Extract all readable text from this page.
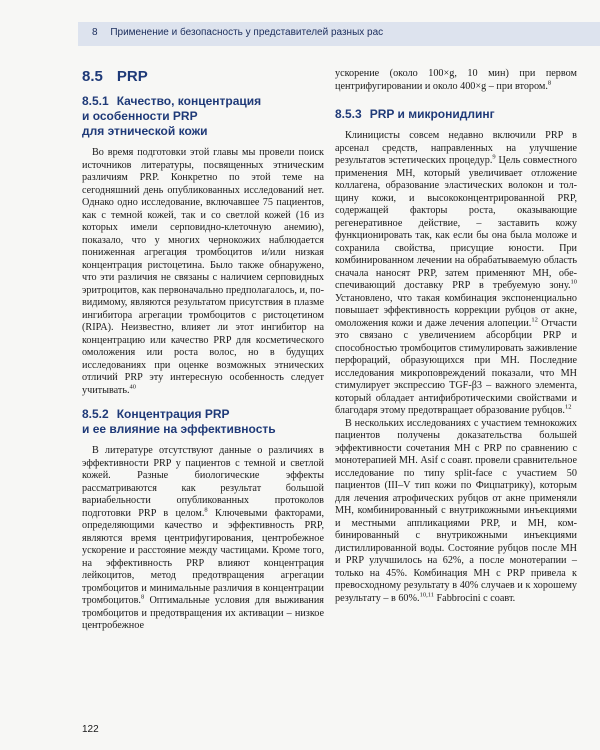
8 Применение и безопасность у представителей разных рас
8.5 PRP
8.5.1 Качество, концентрация
и особенности PRP
для этнической кожи

Во время подготовки этой главы мы провели поиск источников литературы, посвященных этническим различиям PRP. Конкретно по этой теме на сегодняшний день опубликованных исследований нет. Однако одно исследование, включавшее 75 пациентов, как с темной кожей, так и со светлой кожей (16 из которых имели серповидно-клеточную анемию), показало, что у многих чернокожих наблюдается пониженная агрегация тромбоцитов и/или низкая концентрация ристоцетина. Было также обнаружено, что эти различия не связаны с наличием серповидных эритроцитов, как первоначально предполагалось, и, по-видимому, являются результатом присутствия в плазме ингибитора агрегации тромбоцитов с ристоцетином (RIPA). Неизвестно, влияет ли этот ингибитор на концентрацию или качество PRP для косметического омоложения или роста волос, но в будущих исследованиях при оценке возможных этнических отличий PRP эту интересную особенность следует учитывать.$^{40}$

8.5.2 Концентрация PRP
и ее влияние на эффективность

В литературе отсутствуют данные о различиях в эффективности PRP у пациентов с темной и светлой кожей. Разные биологические эффекты рассматриваются как результат большой вариабельности опубликованных протоколов подготовки PRP в целом.$^8$ Ключевыми факторами, определяющими качество и эффективность PRP, являются время центрифугирования, центробежное ускорение и расстояние между частицами. Кроме того, на эффективность PRP влияют концентрация лейкоцитов, метод предотвращения агрегации тромбоцитов и минимальные различия в концентрации тромбоцитов.$^8$ Оптимальные условия для выживания тромбоцитов и предотвращения их активации – низкое центробежное

ускорение (около 100×g, 10 мин) при первом центрифугировании и около 400×g – при втором.$^8$

8.5.3 PRP и микронидлинг

Клиницисты совсем недавно включили PRP в арсенал средств, направленных на улучшение результатов эстетических процедур.$^9$ Цель совместного применения МН, который увеличивает отложение коллагена, образование эластических волокон и толщину кожи, и высококонцентрированной PRP, содержащей факторы роста, оказывающие регенеративное действие, – заставить кожу функционировать так, как если бы она была моложе и сохранила свойства, присущие юности. При комбинированном лечении на обрабатываемую область сначала наносят PRP, затем применяют МН, обеспечивающий доставку PRP в требуемую зону.$^{10}$ Установлено, что такая комбинация экспоненциально повышает эффективность коррекции рубцов от акне, омоложения кожи и даже лечения алопеции.$^{12}$ Отчасти это связано с увеличением абсорбции PRP и способностью тромбоцитов стимулировать заживление перфораций, образующихся при МН. Последние исследования микроповреждений показали, что МН стимулирует экспрессию TGF-β3 – важного элемента, который обладает антифибротическими свойствами и благодаря этому предотвращает образование рубцов.$^{12}$

В нескольких исследованиях с участием темнокожих пациентов получены доказательства большей эффективности сочетания МН с PRP по сравнению с монотерапией МН. Asif с соавт. провели сравнительное исследование по типу split-face с участием 50 пациентов (III–V тип кожи по Фицпатрику), которым для лечения атрофических рубцов от акне применяли МН, комбинированный с внутрикожными инъекциями и местными аппликациями PRP, и МН, комбинированный с внутрикожными инъекциями дистиллированной воды. Состояние рубцов после МН и PRP улучшилось на 62%, а после монотерапии – только на 45%. Комбинация МН с PRP привела к превосходному результату в 40% случаев и к хорошему результату – в 60%.$^{10,11}$ Fabbrocini с соавт.

122
